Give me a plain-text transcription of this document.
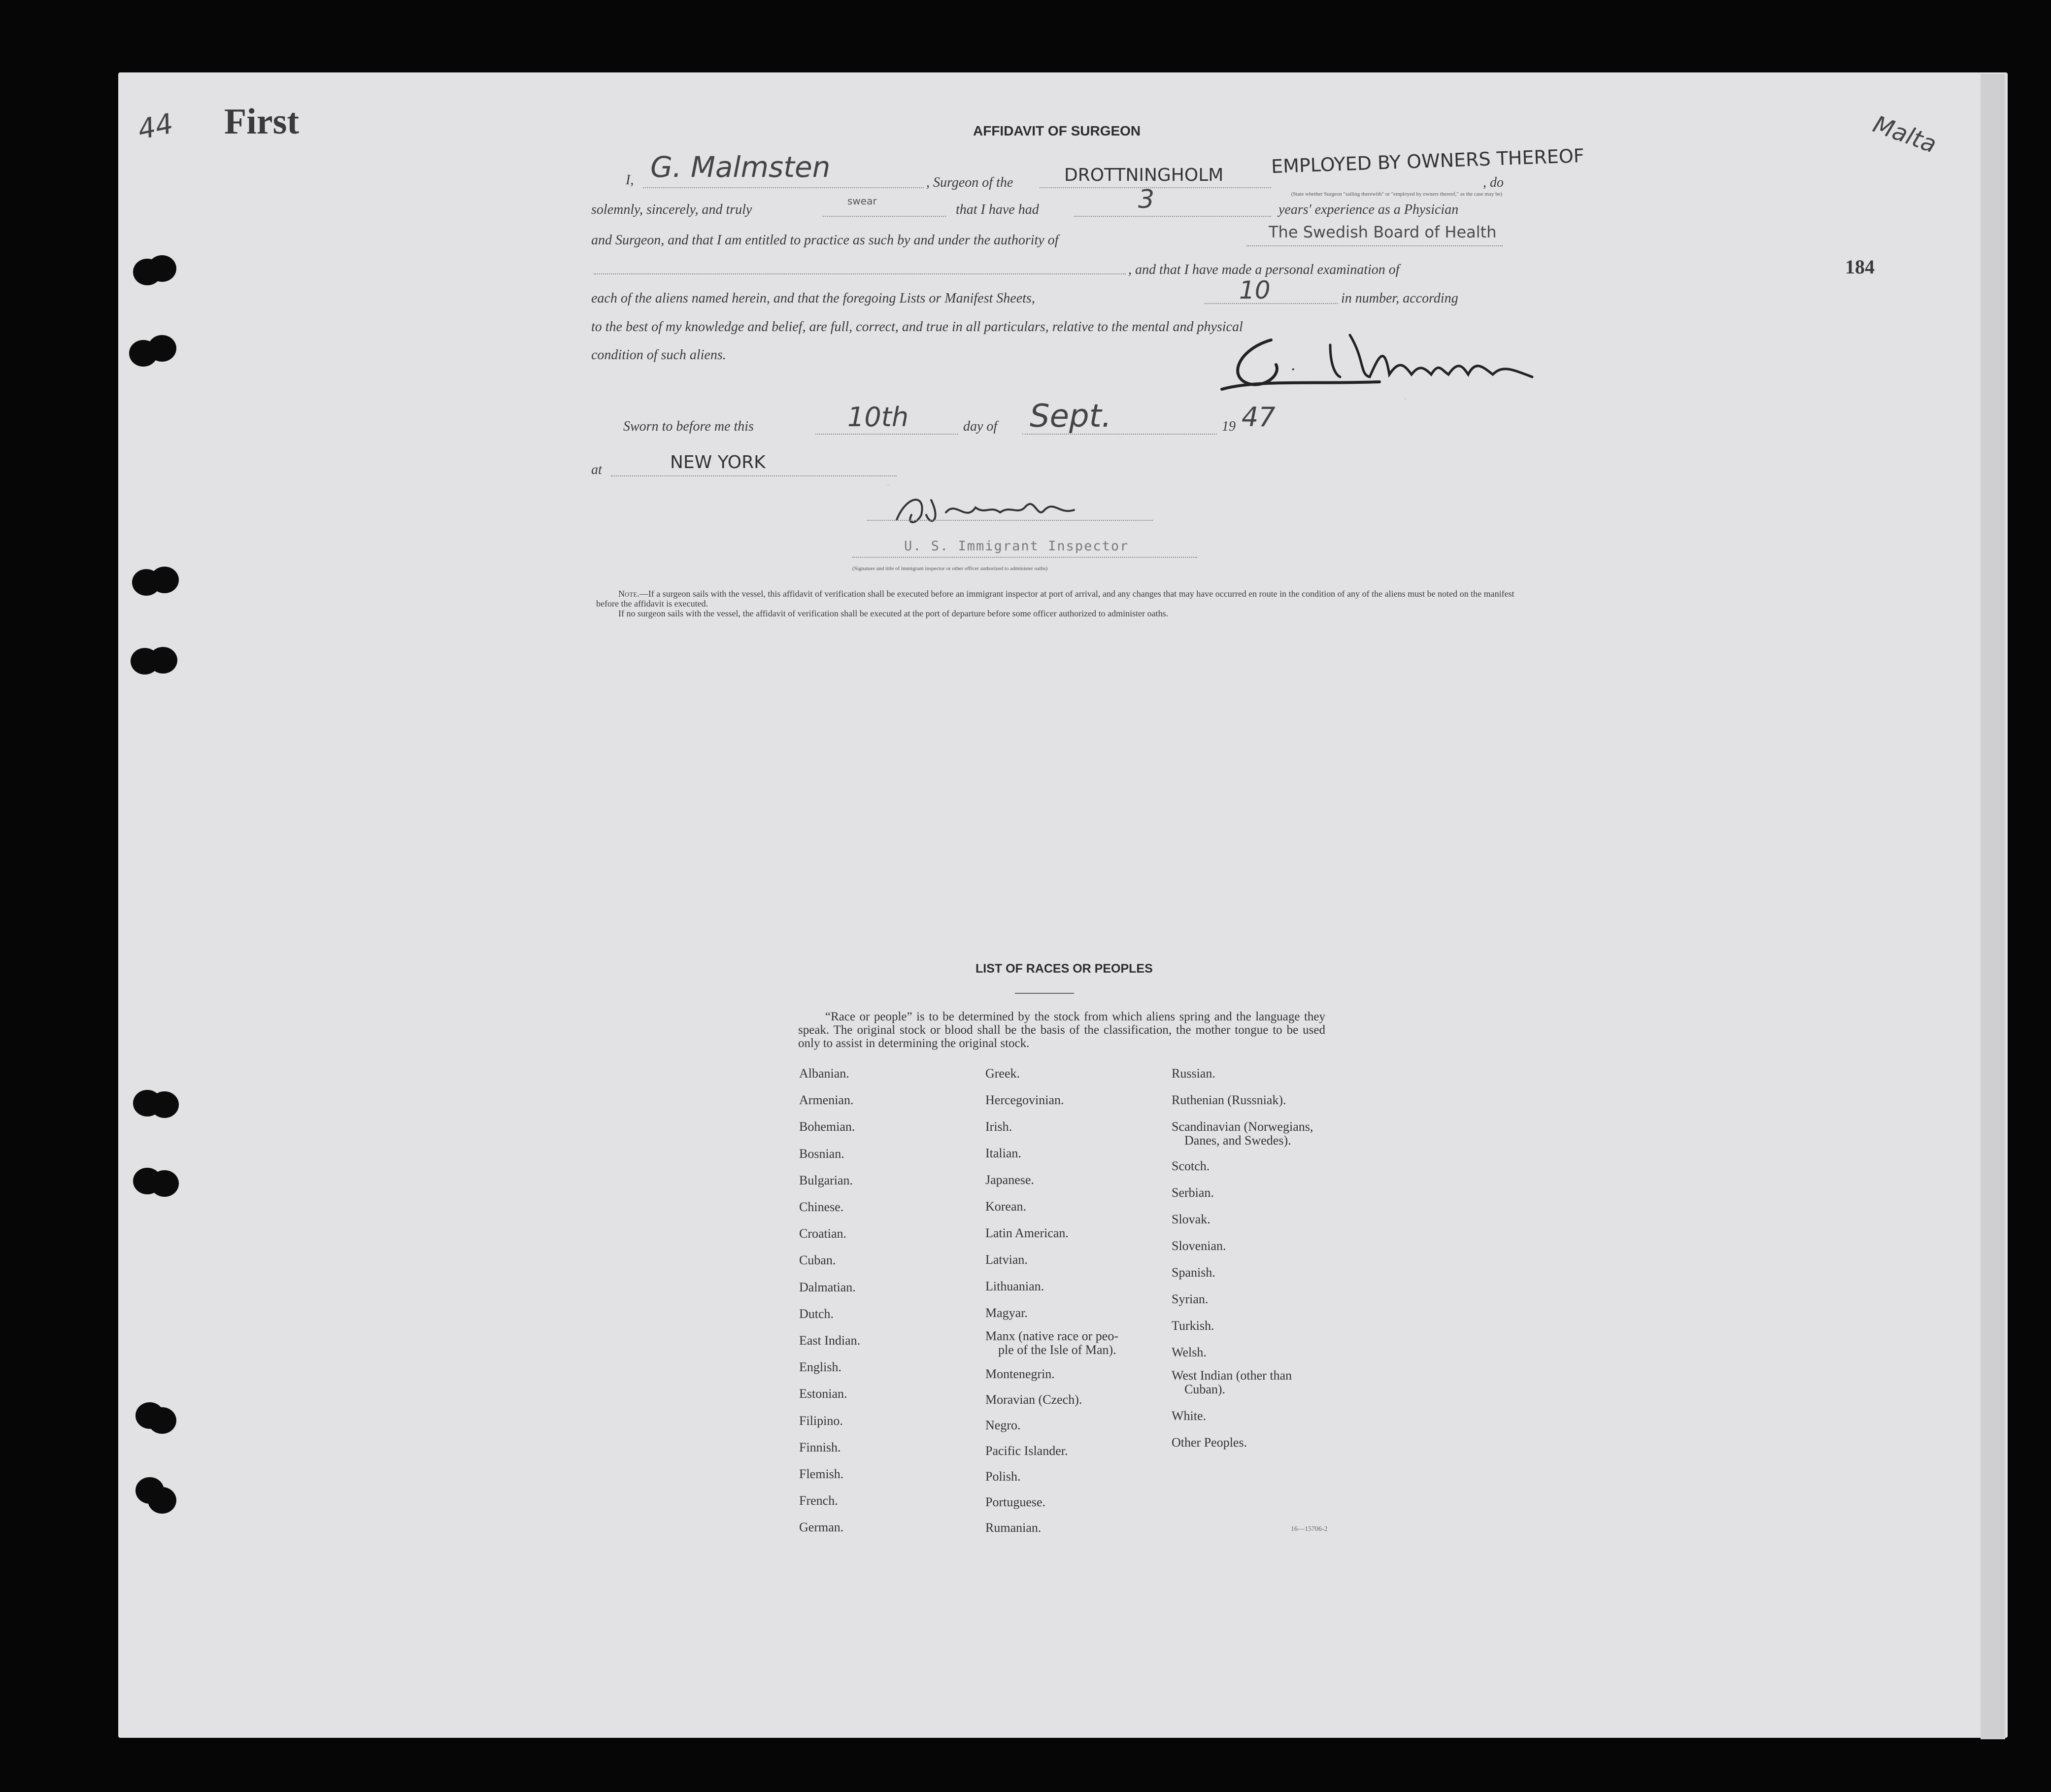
First
44	Malta
184
AFFIDAVIT OF SURGEON
I, G. Malmsten	, Surgeon of the	DROTTNINGHOLM	EMPLOYED BY OWNERS THEREOF
, do
(State whether Surgeon "sailing therewith" or "employed by owners thereof," as the case may be)
solemnly, sincerely, and truly
swear
that I have had	3	years' experience as a Physician
and Surgeon, and that I am entitled to practice as such by and under the authority of	The Swedish Board of Health
, and that I have made a personal examination of
each of the aliens named herein, and that the foregoing Lists or Manifest Sheets,	10	in number, according
to the best of my knowledge and belief, are full, correct, and true in all particulars, relative to the mental and physical
condition of such aliens.
·
G. Malmsten
Sworn to before me this	10th	day of Sept.	19 47
at	NEW YORK
J.J. Bisaillon
U. S. Immigrant Inspector
(Signature and title of immigrant inspector or other officer authorized to administer oaths)
Note.—If a surgeon sails with the vessel, this affidavit of verification shall be executed before an immigrant inspector at port of arrival, and any changes that may have occurred en route in the condition of any of the aliens must be noted on the manifest before the affidavit is executed.
If no surgeon sails with the vessel, the affidavit of verification shall be executed at the port of departure before some officer authorized to administer oaths.
LIST OF RACES OR PEOPLES
“Race or people” is to be determined by the stock from which aliens spring and the language they speak. The original stock or blood shall be the basis of the classification, the mother tongue to be used only to assist in determining the original stock.
Albanian.
Armenian.
Bohemian.
Bosnian.
Bulgarian.
Chinese.
Croatian.
Cuban.
Dalmatian.
Dutch.
East Indian.
English.
Estonian.
Filipino.
Finnish.
Flemish.
French.
German.
Greek.
Hercegovinian.
Irish.
Italian.
Japanese.
Korean.
Latin American.
Latvian.
Lithuanian.
Magyar.
Manx (native race or peo-
ple of the Isle of Man).
Montenegrin.
Moravian (Czech).
Negro.
Pacific Islander.
Polish.
Portuguese.
Rumanian.
Russian.
Ruthenian (Russniak).
Scandinavian (Norwegians,
Danes, and Swedes).
Scotch.
Serbian.
Slovak.
Slovenian.
Spanish.
Syrian.
Turkish.
Welsh.
West Indian (other than
Cuban).
White.
Other Peoples.
16—15706-2
